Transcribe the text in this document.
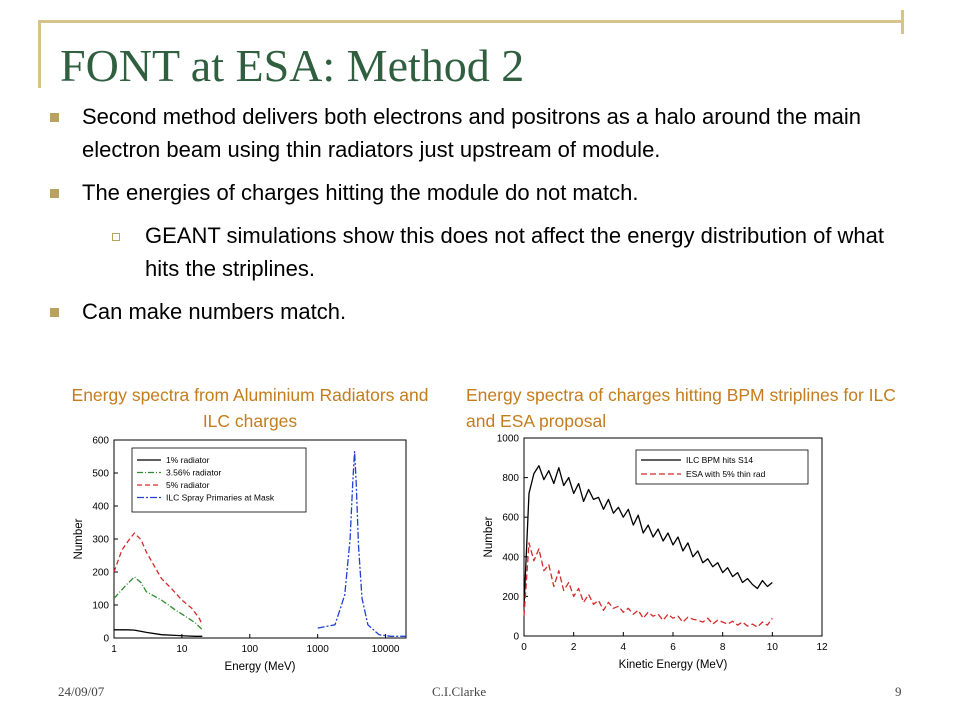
FONT at ESA: Method 2
Second method delivers both electrons and positrons as a halo around the main electron beam using thin radiators just upstream of module.
The energies of charges hitting the module do not match.
GEANT simulations show this does not affect the energy distribution of what hits the striplines.
Can make numbers match.
Energy spectra from Aluminium Radiators and ILC charges
Energy spectra of charges hitting BPM striplines for ILC and ESA proposal
0
100
200
300
400
500
600
1	10	100	1000	10000
Energy (MeV)
Number
1% radiator
3.56% radiator
5% radiator
ILC Spray Primaries at Mask
0
200
400
600
800
1000
0	2	4	6	8	10	12
Kinetic Energy (MeV)
Number
ILC BPM hits S14
ESA with 5% thin rad
24/09/07	C.I.Clarke	9
